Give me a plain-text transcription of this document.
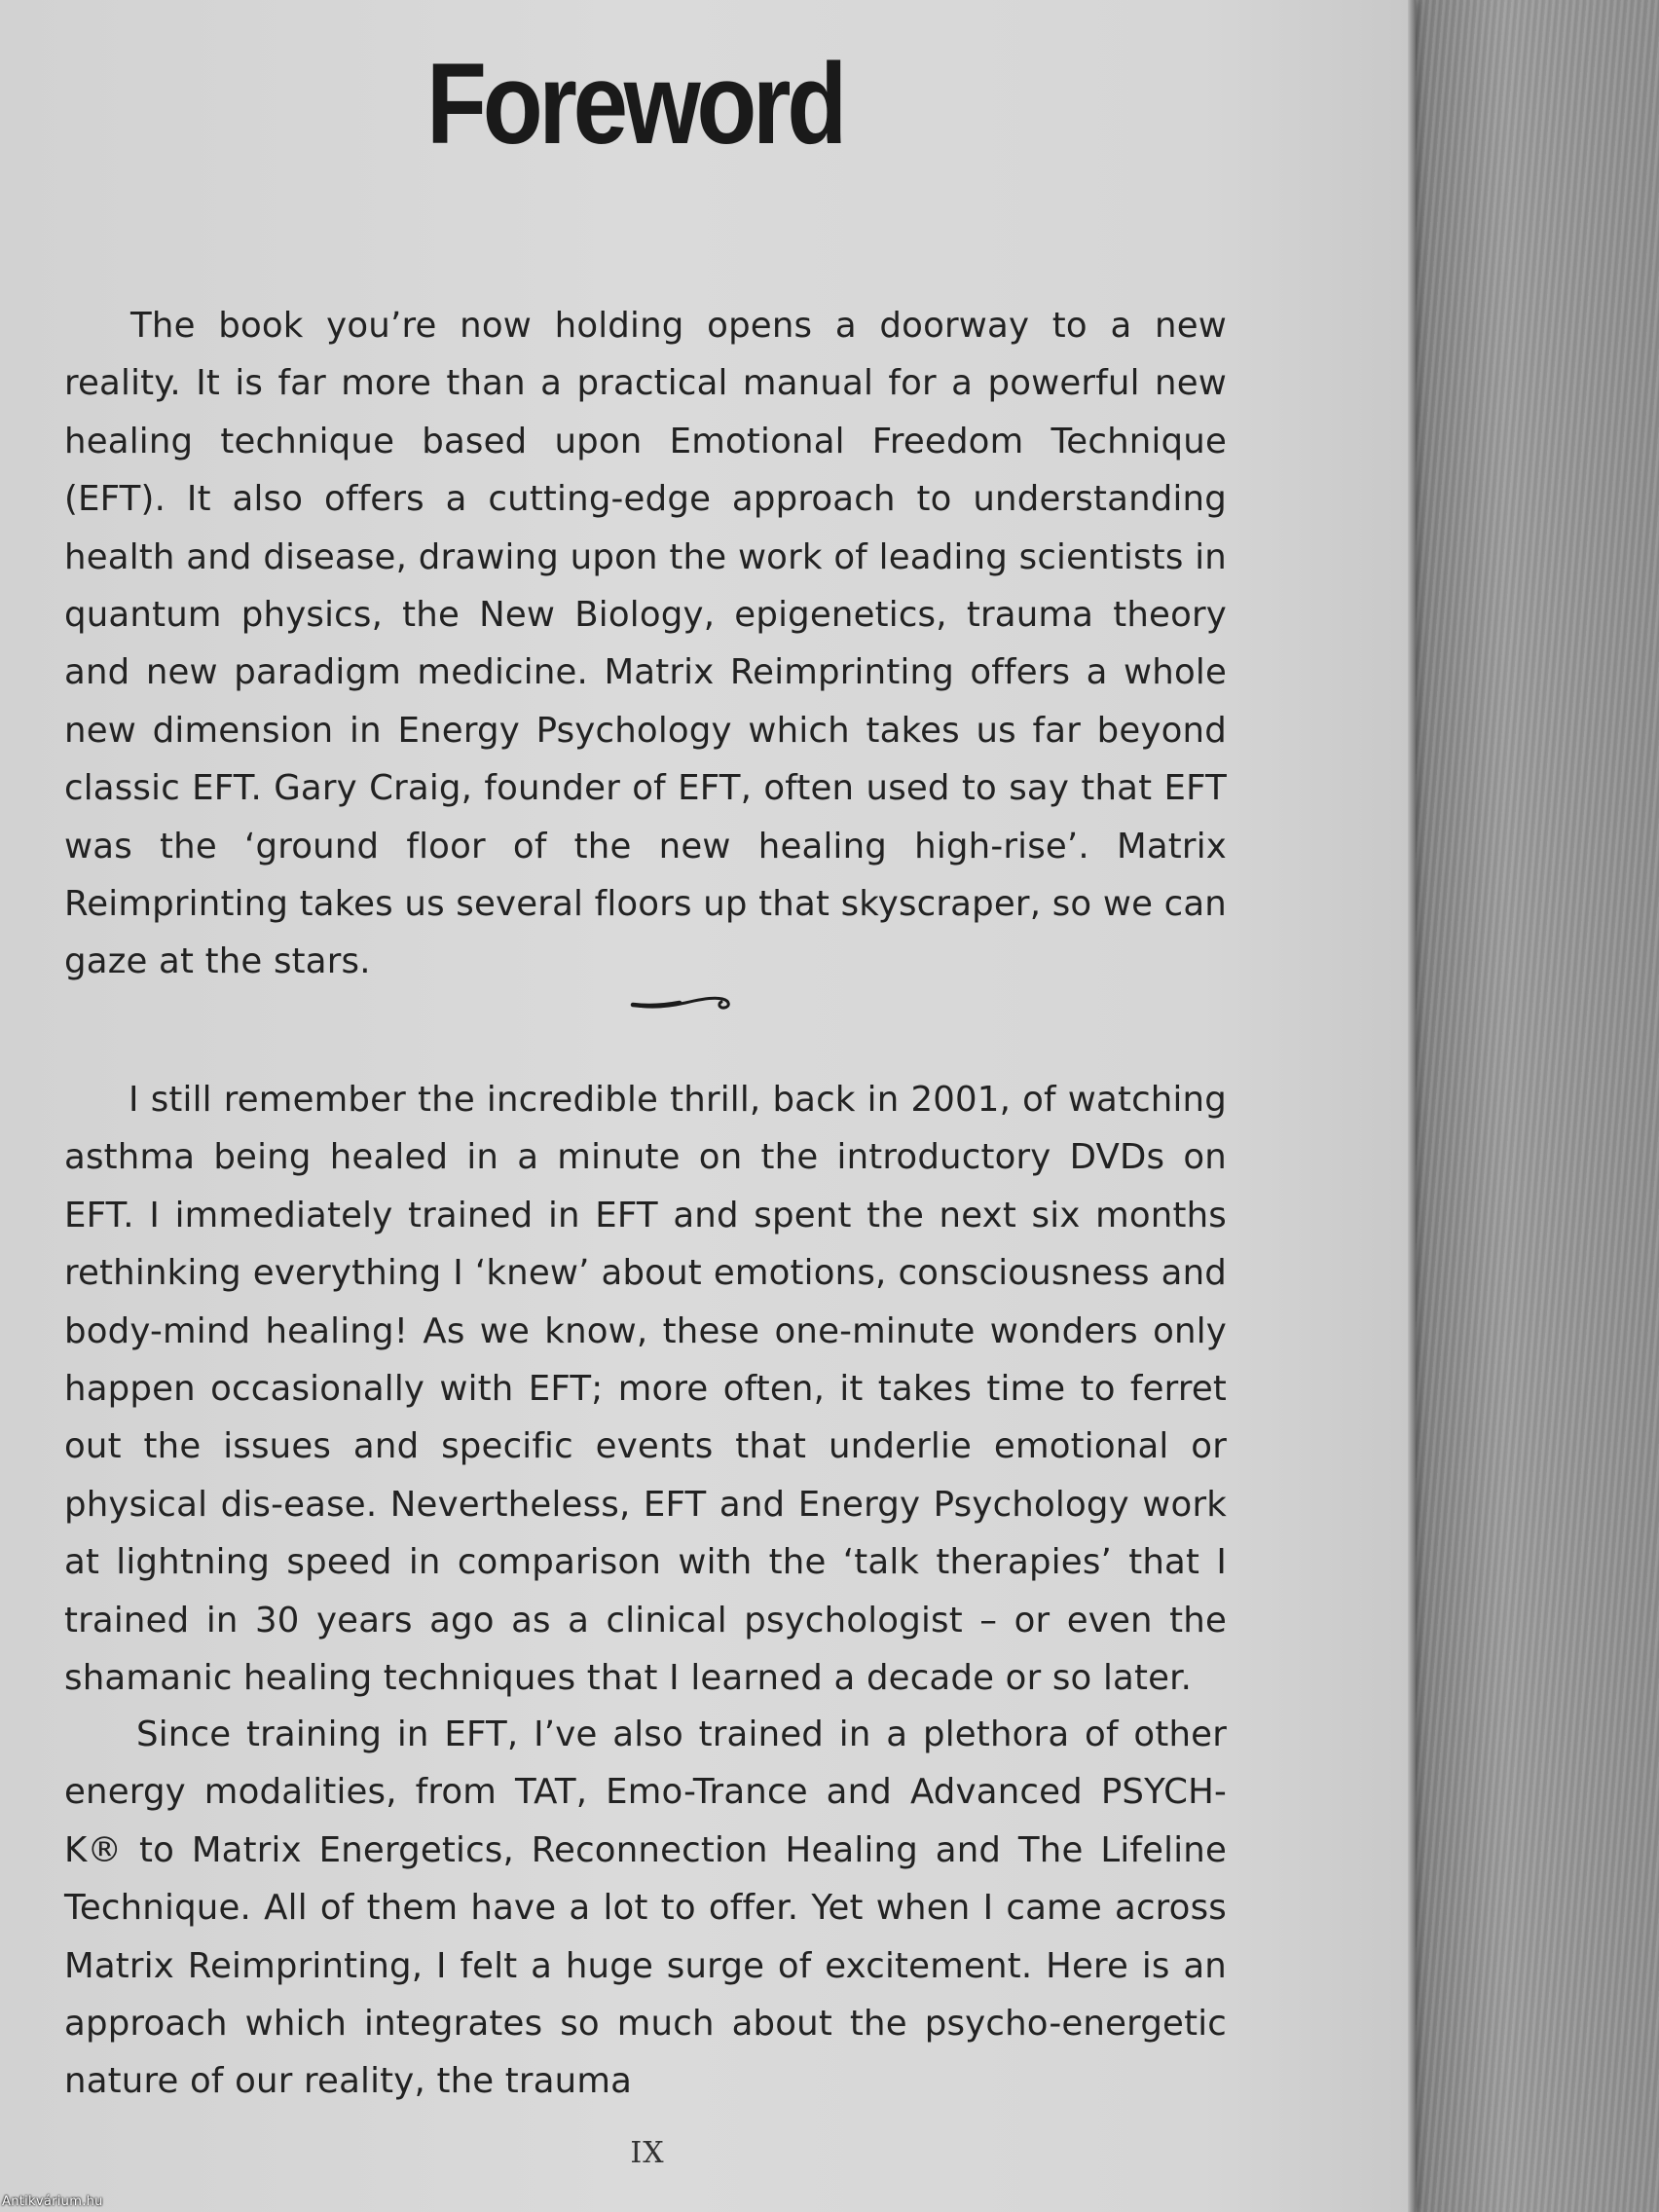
Foreword

The book you’re now holding opens a doorway to a new reality. It is far more than a practical manual for a powerful new healing technique based upon Emotional Freedom Technique (EFT). It also offers a cutting-edge approach to understanding health and disease, drawing upon the work of leading scientists in quantum physics, the New Biology, epigenetics, trauma theory and new paradigm medicine. Matrix Reimprinting offers a whole new dimension in Energy Psychology which takes us far beyond classic EFT. Gary Craig, founder of EFT, often used to say that EFT was the ‘ground floor of the new healing high-rise’. Matrix Reimprinting takes us several floors up that skyscraper, so we can gaze at the stars.

I still remember the incredible thrill, back in 2001, of watching asthma being healed in a minute on the introductory DVDs on EFT. I immediately trained in EFT and spent the next six months rethinking everything I ‘knew’ about emotions, consciousness and body-mind healing! As we know, these one-minute wonders only happen occasionally with EFT; more often, it takes time to ferret out the issues and specific events that underlie emotional or physical dis-ease. Nevertheless, EFT and Energy Psychology work at lightning speed in comparison with the ‘talk therapies’ that I trained in 30 years ago as a clinical psychologist – or even the shamanic healing techniques that I learned a decade or so later.

Since training in EFT, I’ve also trained in a plethora of other energy modalities, from TAT, Emo-Trance and Advanced PSYCH-K® to Matrix Energetics, Reconnection Healing and The Lifeline Technique. All of them have a lot to offer. Yet when I came across Matrix Reimprinting, I felt a huge surge of excitement. Here is an approach which integrates so much about the psycho-energetic nature of our reality, the trauma

IX
Antikvárium.hu
